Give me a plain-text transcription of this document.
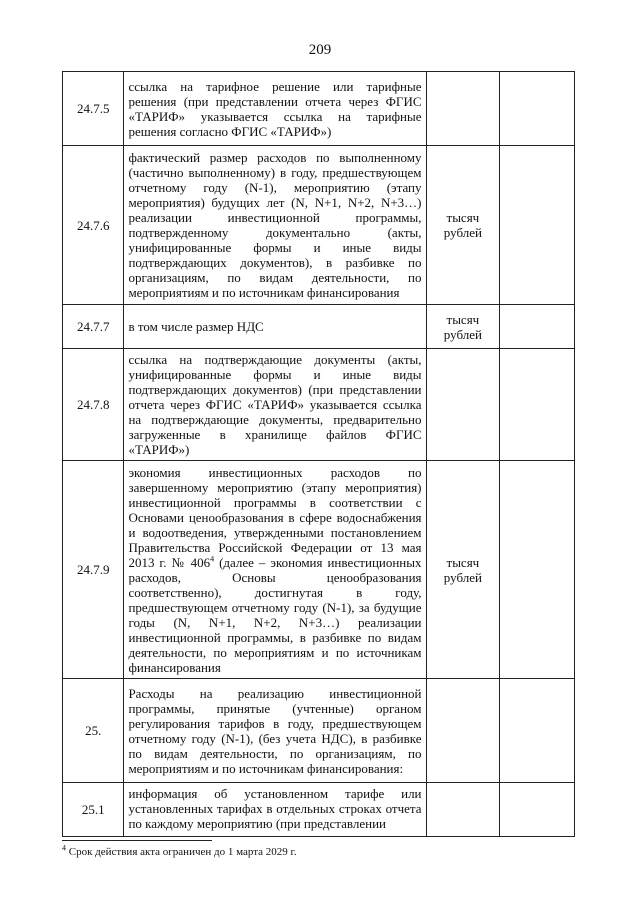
209
24.7.5	ссылка на тарифное решение или тарифные решения (при представлении отчета через ФГИС «ТАРИФ» указывается ссылка на тарифные решения согласно ФГИС «ТАРИФ»)		
24.7.6	фактический размер расходов по выполненному (частично выполненному) в году, предшествующем отчетному году (N-1), мероприятию (этапу мероприятия) будущих лет (N, N+1, N+2, N+3…) реализации инвестиционной программы, подтвержденному документально (акты, унифицированные формы и иные виды подтверждающих документов), в разбивке по организациям, по видам деятельности, по мероприятиям и по источникам финансирования	тысяч рублей	
24.7.7	в том числе размер НДС	тысяч рублей	
24.7.8	ссылка на подтверждающие документы (акты, унифицированные формы и иные виды подтверждающих документов) (при представлении отчета через ФГИС «ТАРИФ» указывается ссылка на подтверждающие документы, предварительно загруженные в хранилище файлов ФГИС «ТАРИФ»)		
24.7.9	экономия инвестиционных расходов по завершенному мероприятию (этапу мероприятия) инвестиционной программы в соответствии с Основами ценообразования в сфере водоснабжения и водоотведения, утвержденными постановлением Правительства Российской Федерации от 13 мая 2013 г. № $406^4$ (далее – экономия инвестиционных расходов, Основы ценообразования соответственно), достигнутая в году, предшествующем отчетному году (N-1), за будущие годы (N, N+1, N+2, N+3…) реализации инвестиционной программы, в разбивке по видам деятельности, по мероприятиям и по источникам финансирования	тысяч рублей	
25.	Расходы на реализацию инвестиционной программы, принятые (учтенные) органом регулирования тарифов в году, предшествующем отчетному году (N-1), (без учета НДС), в разбивке по видам деятельности, по организациям, по мероприятиям и по источникам финансирования:		
25.1	информация об установленном тарифе или установленных тарифах в отдельных строках отчета по каждому мероприятию (при представлении		
$^4$ Срок действия акта ограничен до 1 марта 2029 г.
